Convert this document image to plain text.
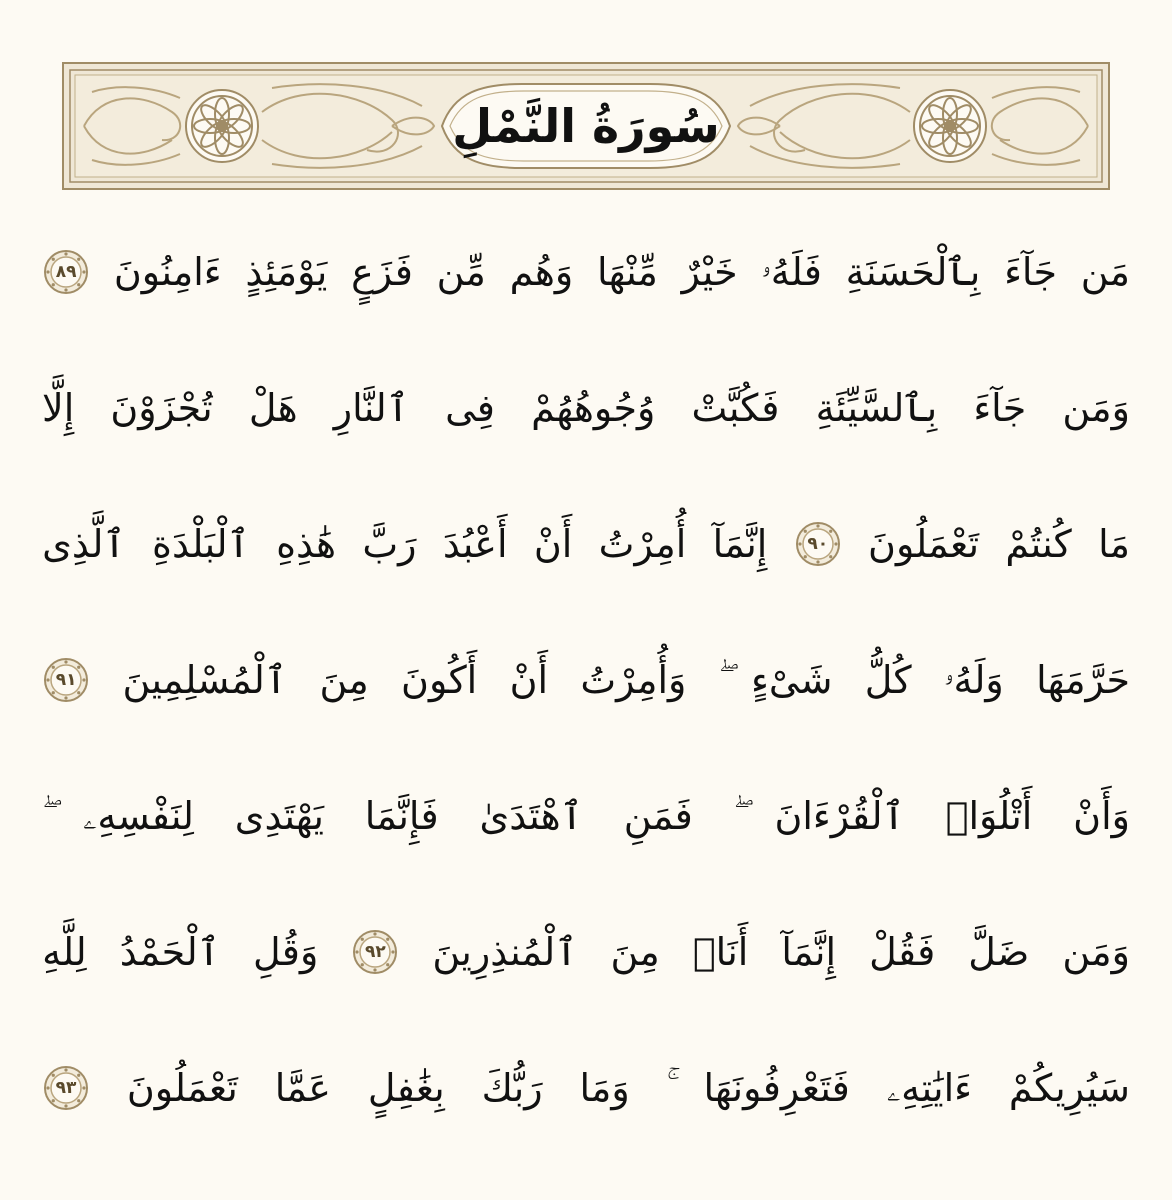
سُورَةُ النَّمْلِ
مَن
جَآءَ
بِٱلْحَسَنَةِ
فَلَهُۥ
خَيْرٌ
مِّنْهَا
وَهُم
مِّن
فَزَعٍ
يَوْمَئِذٍ
ءَامِنُونَ
٨٩
وَمَن
جَآءَ
بِٱلسَّيِّئَةِ
فَكُبَّتْ
وُجُوهُهُمْ
فِى
ٱلنَّارِ
هَلْ
تُجْزَوْنَ
إِلَّا
مَا
كُنتُمْ
تَعْمَلُونَ
٩٠
إِنَّمَآ
أُمِرْتُ
أَنْ
أَعْبُدَ
رَبَّ
هَٰذِهِ
ٱلْبَلْدَةِ
ٱلَّذِى
حَرَّمَهَا
وَلَهُۥ
كُلُّ
شَىْءٍ
وَأُمِرْتُ
أَنْ
أَكُونَ
مِنَ
ٱلْمُسْلِمِينَ
٩١
وَأَنْ
أَتْلُوَا۟
ٱلْقُرْءَانَ
فَمَنِ
ٱهْتَدَىٰ
فَإِنَّمَا
يَهْتَدِى
لِنَفْسِهِۦ
وَمَن
ضَلَّ
فَقُلْ
إِنَّمَآ
أَنَا۠
مِنَ
ٱلْمُنذِرِينَ
٩٢
وَقُلِ
ٱلْحَمْدُ
لِلَّهِ
سَيُرِيكُمْ
ءَايَٰتِهِۦ
فَتَعْرِفُونَهَا
وَمَا
رَبُّكَ
بِغَٰفِلٍ
عَمَّا
تَعْمَلُونَ
٩٣
